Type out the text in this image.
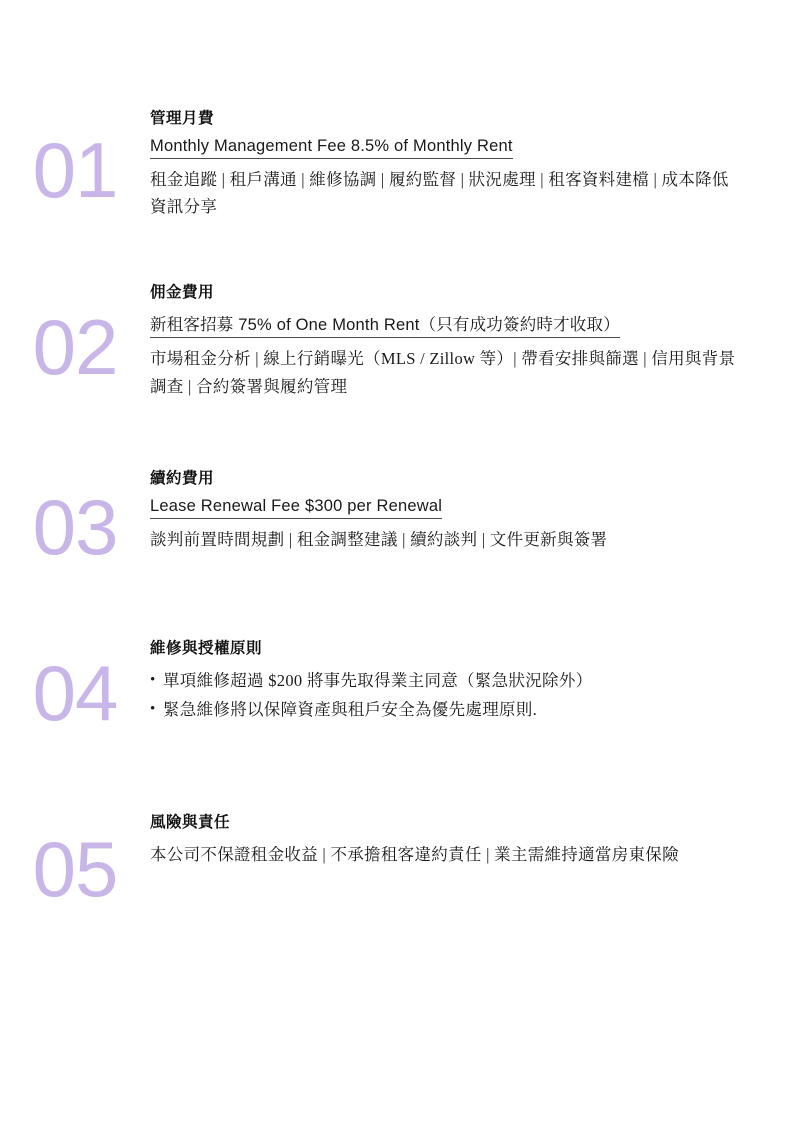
01
管理月費
Monthly Management Fee 8.5% of Monthly Rent

租金追蹤 | 租戶溝通 | 維修協調 | 履約監督 | 狀況處理 | 租客資料建檔 | 成本降低資訊分享

02
佣金費用
新租客招募 75% of One Month Rent（只有成功簽約時才收取）

市場租金分析 | 線上行銷曝光（MLS / Zillow 等）| 帶看安排與篩選 | 信用與背景調查 | 合約簽署與履約管理

03
續約費用
Lease Renewal Fee $300 per Renewal

談判前置時間規劃 | 租金調整建議 | 續約談判 | 文件更新與簽署

04
維修與授權原則
• 單項維修超過 $200 將事先取得業主同意（緊急狀況除外）
• 緊急維修將以保障資產與租戶安全為優先處理原則.
05
風險與責任

本公司不保證租金收益 | 不承擔租客違約責任 | 業主需維持適當房東保險
